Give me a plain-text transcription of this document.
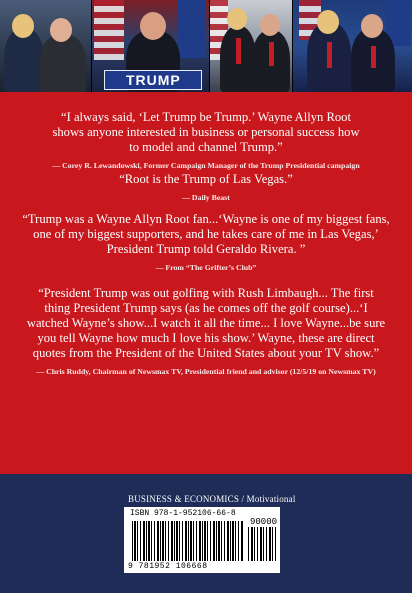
TRUMP
“I always said, ‘Let Trump be Trump.’ Wayne Allyn Root shows anyone interested in business or personal success how to model and channel Trump.”
— Corey R. Lewandowski, Former Campaign Manager of the Trump Presidential campaign
“Root is the Trump of Las Vegas.”
— Daily Beast
“Trump was a Wayne Allyn Root fan...‘Wayne is one of my biggest fans, one of my biggest supporters, and he takes care of me in Las Vegas,’ President Trump told Geraldo Rivera. ”
— From “The Grifter’s Club”
“President Trump was out golfing with Rush Limbaugh... The first thing President Trump says (as he comes off the golf course)...‘I watched Wayne’s show...I watch it all the time... I love Wayne...be sure you tell Wayne how much I love his show.’ Wayne, these are direct quotes from the President of the United States about your TV show.”
— Chris Ruddy, Chairman of Newsmax TV, Presidential friend and advisor (12/5/19 on Newsmax TV)
BUSINESS & ECONOMICS / Motivational
ISBN 978-1-952106-66-8
90000
9 781952 106668
